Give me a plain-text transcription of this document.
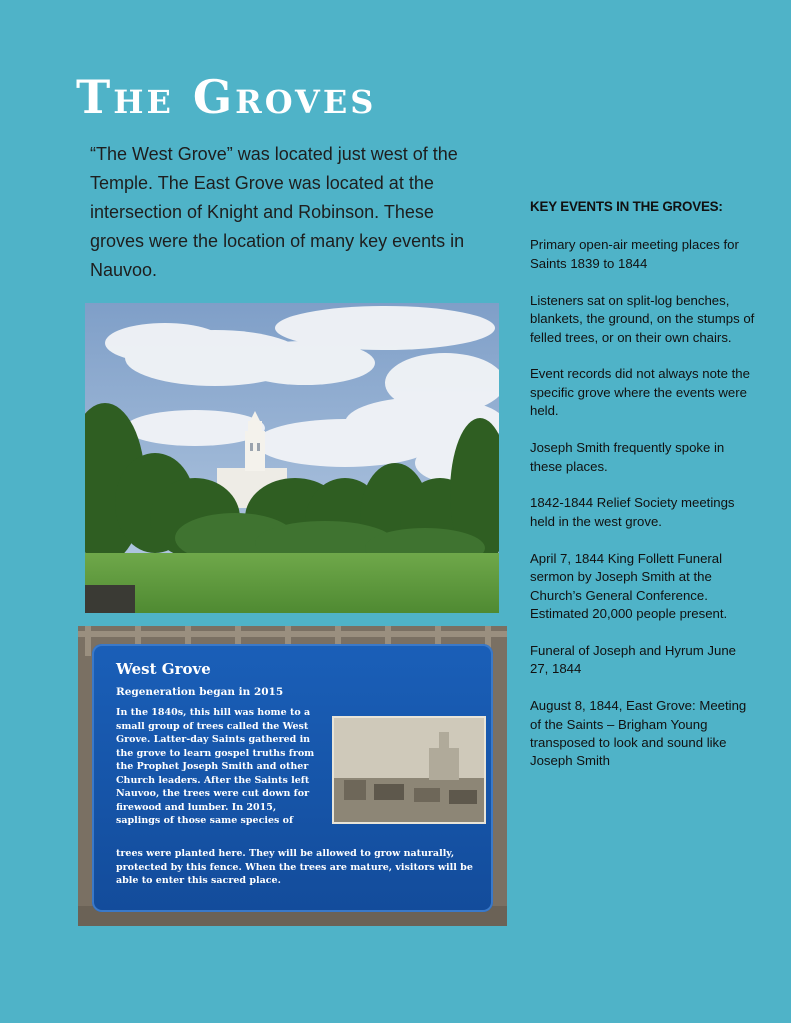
The Groves

“The West Grove” was located just west of the Temple. The East Grove was located at the intersection of Knight and Robinson. These groves were the location of many key events in Nauvoo.

KEY EVENTS IN THE GROVES:

Primary open-air meeting places for Saints 1839 to 1844

Listeners sat on split-log benches, blankets, the ground, on the stumps of felled trees, or on their own chairs.

Event records did not always note the specific grove where the events were held.

Joseph Smith frequently spoke in these places.

1842-1844 Relief Society meetings held in the west grove.

April 7, 1844 King Follett Funeral sermon by Joseph Smith at the Church’s General Conference. Estimated 20,000 people present.

Funeral of Joseph and Hyrum June 27, 1844

August 8, 1844, East Grove: Meeting of the Saints – Brigham Young transposed to look and sound like Joseph Smith

West Grove
Regeneration began in 2015
In the 1840s, this hill was home to a small group of trees called the West Grove. Latter-day Saints gathered in the grove to learn gospel truths from the Prophet Joseph Smith and other Church leaders. After the Saints left Nauvoo, the trees were cut down for firewood and lumber. In 2015, saplings of those same species of
trees were planted here. They will be allowed to grow naturally, protected by this fence. When the trees are mature, visitors will be able to enter this sacred place.
